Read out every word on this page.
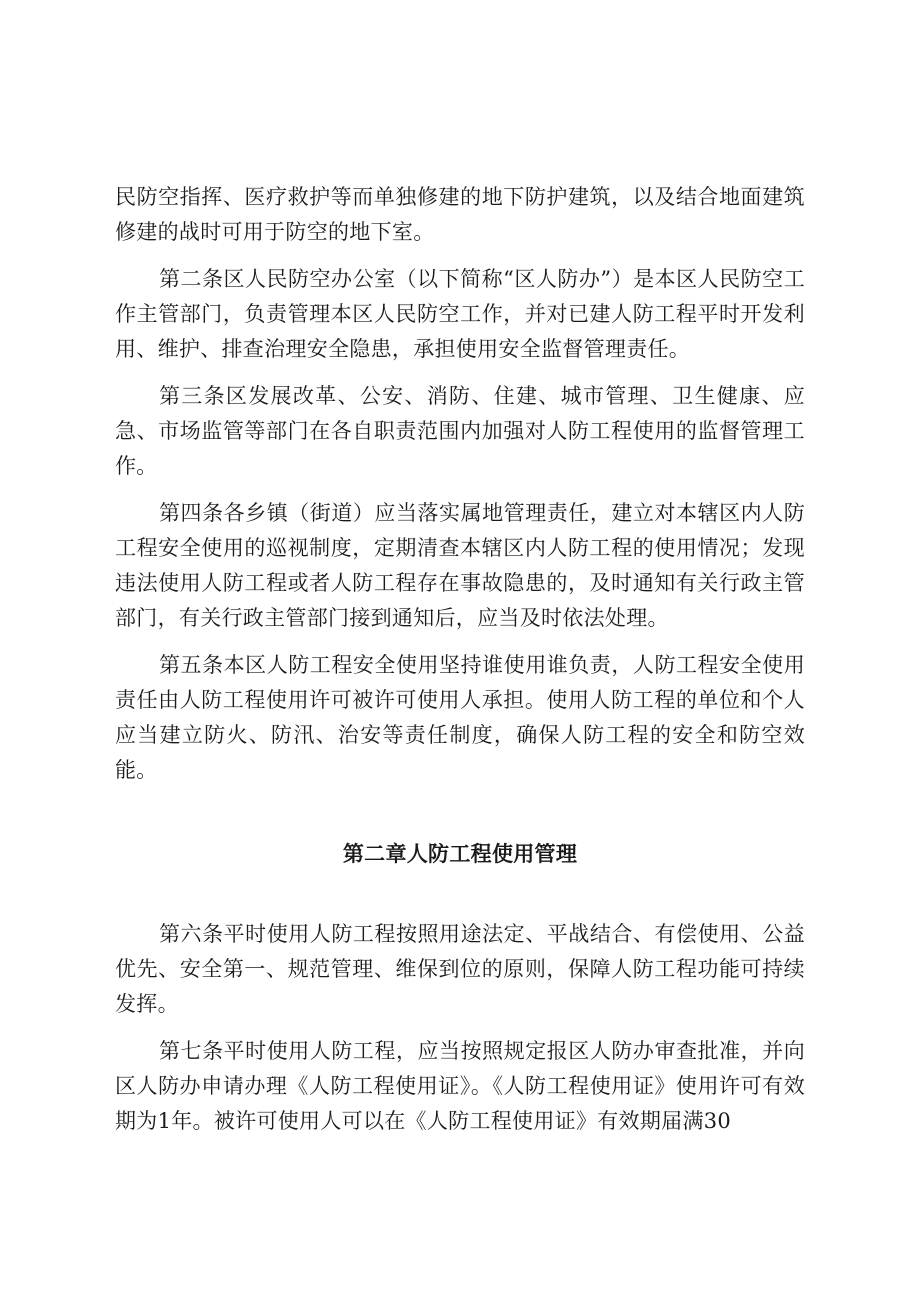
民防空指挥、医疗救护等而单独修建的地下防护建筑，以及结合地面建筑修建的战时可用于防空的地下室。

第二条区人民防空办公室（以下简称“区人防办”）是本区人民防空工作主管部门，负责管理本区人民防空工作，并对已建人防工程平时开发利用、维护、排查治理安全隐患，承担使用安全监督管理责任。

第三条区发展改革、公安、消防、住建、城市管理、卫生健康、应急、市场监管等部门在各自职责范围内加强对人防工程使用的监督管理工作。

第四条各乡镇（街道）应当落实属地管理责任，建立对本辖区内人防工程安全使用的巡视制度，定期清查本辖区内人防工程的使用情况；发现违法使用人防工程或者人防工程存在事故隐患的，及时通知有关行政主管部门，有关行政主管部门接到通知后，应当及时依法处理。

第五条本区人防工程安全使用坚持谁使用谁负责，人防工程安全使用责任由人防工程使用许可被许可使用人承担。使用人防工程的单位和个人应当建立防火、防汛、治安等责任制度，确保人防工程的安全和防空效能。

第二章人防工程使用管理

第六条平时使用人防工程按照用途法定、平战结合、有偿使用、公益优先、安全第一、规范管理、维保到位的原则，保障人防工程功能可持续发挥。

第七条平时使用人防工程，应当按照规定报区人防办审查批准，并向区人防办申请办理《人防工程使用证》。《人防工程使用证》使用许可有效期为1年。被许可使用人可以在《人防工程使用证》有效期届满30
